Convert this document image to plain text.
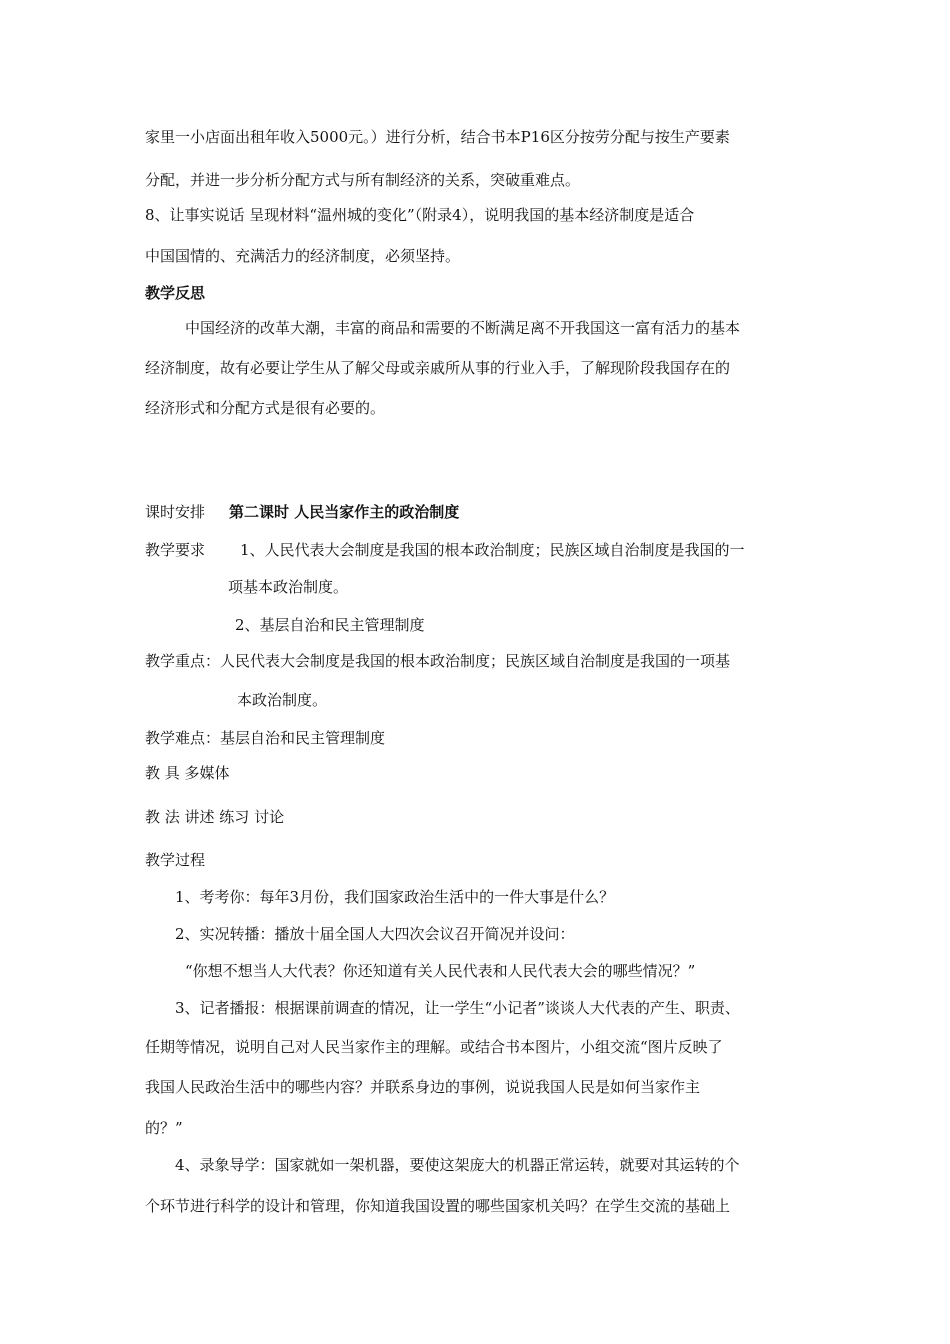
家里一小店面出租年收入5000元。）进行分析，结合书本P16区分按劳分配与按生产要素
分配，并进一步分析分配方式与所有制经济的关系，突破重难点。
8、让事实说话 呈现材料“温州城的变化”（附录4），说明我国的基本经济制度是适合
中国国情的、充满活力的经济制度，必须坚持。
教学反思
中国经济的改革大潮，丰富的商品和需要的不断满足离不开我国这一富有活力的基本
经济制度，故有必要让学生从了解父母或亲戚所从事的行业入手，了解现阶段我国存在的
经济形式和分配方式是很有必要的。
课时安排 第二课时 人民当家作主的政治制度
教学要求 1、人民代表大会制度是我国的根本政治制度；民族区域自治制度是我国的一
项基本政治制度。
2、基层自治和民主管理制度
教学重点：人民代表大会制度是我国的根本政治制度；民族区域自治制度是我国的一项基
本政治制度。
教学难点：基层自治和民主管理制度
教 具 多媒体
教 法 讲述 练习 讨论
教学过程
1、考考你：每年3月份，我们国家政治生活中的一件大事是什么？
2、实况转播：播放十届全国人大四次会议召开简况并设问：
“你想不想当人大代表？你还知道有关人民代表和人民代表大会的哪些情况？”
3、记者播报：根据课前调查的情况，让一学生“小记者”谈谈人大代表的产生、职责、
任期等情况，说明自己对人民当家作主的理解。或结合书本图片，小组交流“图片反映了
我国人民政治生活中的哪些内容？并联系身边的事例，说说我国人民是如何当家作主
的？”
4、录象导学：国家就如一架机器，要使这架庞大的机器正常运转，就要对其运转的个
个环节进行科学的设计和管理，你知道我国设置的哪些国家机关吗？在学生交流的基础上
